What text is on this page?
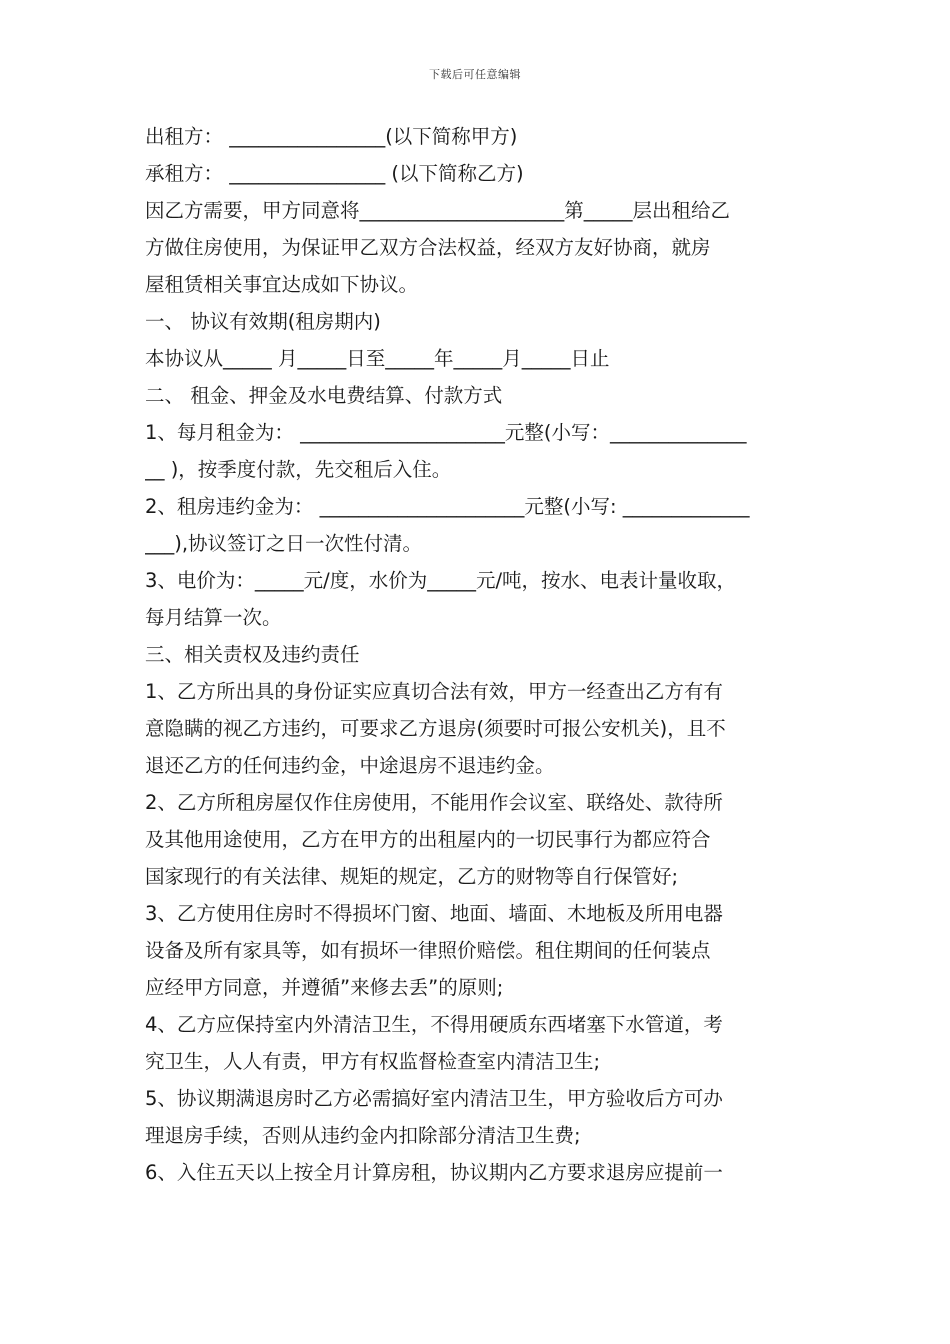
下载后可任意编辑
出租方： ________________(以下简称甲方)
承租方： ________________ (以下简称乙方)
因乙方需要，甲方同意将_____________________第_____层出租给乙
方做住房使用，为保证甲乙双方合法权益，经双方友好协商，就房
屋租赁相关事宜达成如下协议。
一、 协议有效期(租房期内)
本协议从_____ 月_____日至_____年_____月_____日止
二、 租金、押金及水电费结算、付款方式
1、每月租金为： _____________________元整(小写：______________
__ )，按季度付款，先交租后入住。
2、租房违约金为： _____________________元整(小写: _____________
___),协议签订之日一次性付清。
3、电价为：_____元/度，水价为_____元/吨，按水、电表计量收取，
每月结算一次。
三、相关责权及违约责任
1、乙方所出具的身份证实应真切合法有效，甲方一经查出乙方有有
意隐瞒的视乙方违约，可要求乙方退房(须要时可报公安机关)，且不
退还乙方的任何违约金，中途退房不退违约金。
2、乙方所租房屋仅作住房使用，不能用作会议室、联络处、款待所
及其他用途使用，乙方在甲方的出租屋内的一切民事行为都应符合
国家现行的有关法律、规矩的规定，乙方的财物等自行保管好;
3、乙方使用住房时不得损坏门窗、地面、墙面、木地板及所用电器
设备及所有家具等，如有损坏一律照价赔偿。租住期间的任何装点
应经甲方同意，并遵循”来修去丢”的原则;
4、乙方应保持室内外清洁卫生，不得用硬质东西堵塞下水管道，考
究卫生，人人有责，甲方有权监督检查室内清洁卫生;
5、协议期满退房时乙方必需搞好室内清洁卫生，甲方验收后方可办
理退房手续，否则从违约金内扣除部分清洁卫生费;
6、入住五天以上按全月计算房租，协议期内乙方要求退房应提前一
